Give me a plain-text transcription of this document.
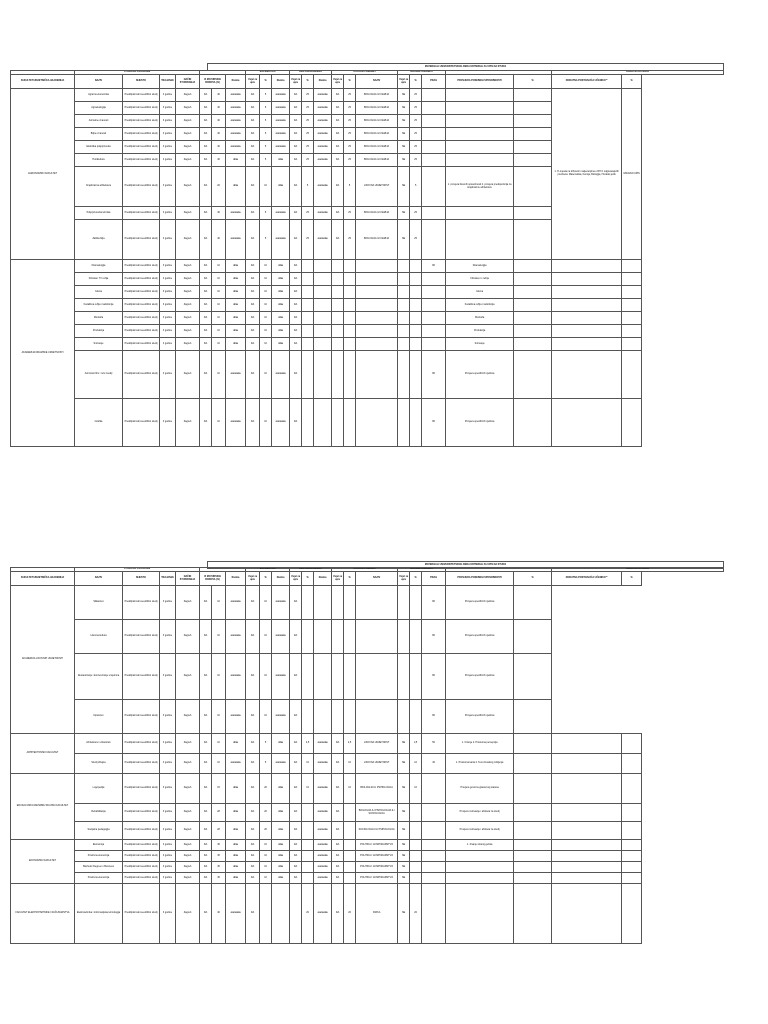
MATERIJALI UNIVERZITETSKOG REDA KRITERIJA ZA UPIS NA STUDIJ
	STUDIJSKI PROGRAMI							MATEMATIKA			BIOLOGIJA/KEMIJA			STRUČNI PREDMET			IZBORNI PREDMETI					DODATNI KRITERIJI	
FAKULTET/UMJETNIČKA AKADEMIJA	NAZIV	MJESTO	TRAJANJE	NAČIN STUDIRANJA	IZ MATURSKIH BODOVA (%)		Razina	Uvjet za upis	%	Razina	Uvjet za upis	%	Razina	Uvjet za upis	%	NAZIV	Uvjet za upis	%	PRAG	PROVJERA POSEBNIH SPOSOBNOSTI	%	DODATNA POSTIGNUĆA UČENIKA**	%
AGRONOMSKI FAKULTET	Agrarna ekonomika	Preddiplomski sveučilišni studij	3 godine	Zagreb	DA	40	osnovna	DA	5	osnovna	DA	25	osnovna	DA	25	BIOLOGIJA ILI KEMIJA	NE	25				1. % mjesta na državnim natjecanjima u RH iz odgovarajućih predmeta: Matematika, Kemija, Biologija, Hrvatski jezik	IZRAVAN UPIS
	Agroekologija	Preddiplomski sveučilišni studij	3 godine	Zagreb	DA	40	osnovna	DA	5	osnovna	DA	25	osnovna	DA	25	BIOLOGIJA ILI KEMIJA	NE	25					
	Animalne znanosti	Preddiplomski sveučilišni studij	3 godine	Zagreb	DA	40	osnovna	DA	5	osnovna	DA	25	osnovna	DA	25	BIOLOGIJA ILI KEMIJA	NE	25					
	Biljne znanosti	Preddiplomski sveučilišni studij	3 godine	Zagreb	DA	40	osnovna	DA	5	osnovna	DA	25	osnovna	DA	25	BIOLOGIJA ILI KEMIJA	NE	25					
	Ekološka poljoprivreda	Preddiplomski sveučilišni studij	3 godine	Zagreb	DA	40	osnovna	DA	5	osnovna	DA	25	osnovna	DA	25	BIOLOGIJA ILI KEMIJA	NE	25					
	Hortikultura	Preddiplomski sveučilišni studij	3 godine	Zagreb	DA	40	viša	DA	5	viša	DA	25	osnovna	DA	25	BIOLOGIJA ILI KEMIJA	NE	25					
	Krajobrazna arhitektura	Preddiplomski sveučilišni studij	3 godine	Zagreb	DA	20	viša	DA	10	viša	DA	5	osnovna	DA	5	LIKOVNA UMJETNOST	NE	5		1. provjera likovnih sposobnosti 2. provjera predispozicija za krajobraznu arhitekturu			
	Poljoprivredna tehnika	Preddiplomski sveučilišni studij	3 godine	Zagreb	DA	40	osnovna	DA	5	osnovna	DA	25	osnovna	DA	25	BIOLOGIJA ILI KEMIJA	NE	25					
	Zaštita bilja	Preddiplomski sveučilišni studij	3 godine	Zagreb	DA	40	osnovna	DA	5	osnovna	DA	25	osnovna	DA	25	BIOLOGIJA ILI KEMIJA	NE	25					
AKADEMIJA DRAMSKE UMJETNOSTI	Dramaturgija	Preddiplomski sveučilišni studij	3 godine	Zagreb	DA	10	viša	DA	10	viša	DA								80	Dramaturgija			
	Filmska i TV režija	Preddiplomski sveučilišni studij	3 godine	Zagreb	DA	10	viša	DA	10	viša	DA									Filmska i tv režija			
	Gluma	Preddiplomski sveučilišni studij	3 godine	Zagreb	DA	10	viša	DA	10	viša	DA									Gluma			
	Kazališna režija i radiofonija	Preddiplomski sveučilišni studij	3 godine	Zagreb	DA	10	viša	DA	10	viša	DA									Kazališna režija i radiofonija			
	Montaža	Preddiplomski sveučilišni studij	3 godine	Zagreb	DA	10	viša	DA	10	viša	DA									Montaža			
	Produkcija	Preddiplomski sveučilišni studij	3 godine	Zagreb	DA	10	viša	DA	10	viša	DA									Produkcija			
	Snimanje	Preddiplomski sveučilišni studij	3 godine	Zagreb	DA	10	viša	DA	10	viša	DA									Snimanje			
	Animirani film i novi mediji	Preddiplomski sveučilišni studij	3 godine	Zagreb	DA	10	osnovna	DA	10	osnovna	DA								80	Provjera specifičnih vještina			
	Grafika	Preddiplomski sveučilišni studij	3 godine	Zagreb	DA	10	osnovna	DA	10	osnovna	DA								80	Provjera specifičnih vještina			
MATERIJALI UNIVERZITETSKOG REDA KRITERIJA ZA UPIS NA STUDIJ
	STUDIJSKI PROGRAMI							MATEMATIKA			BIOLOGIJA/KEMIJA			STRUČNI PREDMET			IZBORNI PREDMETI					DODATNI KRITERIJI	
FAKULTET/UMJETNIČKA AKADEMIJA	NAZIV	MJESTO	TRAJANJE	NAČIN STUDIRANJA	IZ MATURSKIH BODOVA (%)		Razina	Uvjet za upis	%	Razina	Uvjet za upis	%	Razina	Uvjet za upis	%	NAZIV	Uvjet za upis	%	PRAG	PROVJERA POSEBNIH SPOSOBNOSTI	%	DODATNA POSTIGNUĆA UČENIKA**	%
AKADEMIJA LIKOVNIH UMJETNOSTI	Slikarstvo	Preddiplomski sveučilišni studij	3 godine	Zagreb	DA	10	osnovna	DA	10	osnovna	DA								80	Provjera specifičnih vještina			
	Likovna kultura	Preddiplomski sveučilišni studij	3 godine	Zagreb	DA	10	osnovna	DA	10	osnovna	DA								80	Provjera specifičnih vještina			
	Restauriranje i konzerviranje umjetnina	Preddiplomski sveučilišni studij	3 godine	Zagreb	DA	10	osnovna	DA	10	osnovna	DA								80	Provjera specifičnih vještina			
	Kiparstvo	Preddiplomski sveučilišni studij	3 godine	Zagreb	DA	10	osnovna	DA	10	osnovna	DA								80	Provjera specifičnih vještina			
ARHITEKTONSKI FAKULTET	Arhitektura i urbanizam	Preddiplomski sveučilišni studij	3 godine	Zagreb	DA	10	viša	DA	5	viša	DA	2,5	osnovna	DA	2,5	LIKOVNA UMJETNOST	NE	2,5	50	1. Crtanje 2. Prostorna percepcija			
	Studij dizajna	Preddiplomski sveučilišni studij	3 godine	Zagreb	DA	10	osnovna	DA	5	osnovna	DA	10	osnovna	DA	10	LIKOVNA UMJETNOST	NE	10	40	1. Prostorna karta 2. Test vizualnog mišljenja			
EDUKACIJSKO-REHABILITACIJSKI FAKULTET	Logopedija	Preddiplomski sveučilišni studij	3 godine	Zagreb	DA	15	viša	DA	20	viša	DA	10	osnovna	DA	10	BIOLOGIJA ILI PSIHOLOGIJA	NE	10		Provjera govorno-glasovnog statusa			
	Rehabilitacija	Preddiplomski sveučilišni studij	3 godine	Zagreb	DA	28	viša	DA	20	viša	DA		osnovna	DA		BIOLOGIJA ILI PSIHOLOGIJA ILI SOCIOLOGIJA	NE			Provjera motivacije i afiniteta za studij			
	Socijalna pedagogija	Preddiplomski sveučilišni studij	3 godine	Zagreb	DA	28	viša	DA	20	viša	DA		osnovna	DA		SOCIOLOGIJA ILI PSIHOLOGIJA	NE			Provjera motivacije i afiniteta za studij			
EKONOMSKI FAKULTET	Ekonomija	Preddiplomski sveučilišni studij	3 godine	Zagreb	DA	45	viša	DA	10	viša	DA		osnovna	DA		POLITIKA I GOSPODARSTVO	NE			1. Znanje stranog jezika			
	Poslovna ekonomija	Preddiplomski sveučilišni studij	3 godine	Zagreb	DA	45	viša	DA	10	viša	DA		osnovna	DA		POLITIKA I GOSPODARSTVO	NE						
	Bachelor Degree in Business	Preddiplomski sveučilišni studij	3 godine	Zagreb	DA	45	viša	DA	10	viša	DA		osnovna	DA		POLITIKA I GOSPODARSTVO	NE						
	Poslovna ekonomija	Preddiplomski sveučilišni studij	3 godine	Zagreb	DA	45	viša	DA	10	viša	DA		osnovna	DA		POLITIKA I GOSPODARSTVO	NE						
FAKULTET ELEKTROTEHNIKE I RAČUNARSTVA	Elektrotehnika i informacijska tehnologija	Preddiplomski sveučilišni studij	3 godine	Zagreb	DA	40	osnovna	DA				20	osnovna	DA	20	FIZIKA	NE	20					
